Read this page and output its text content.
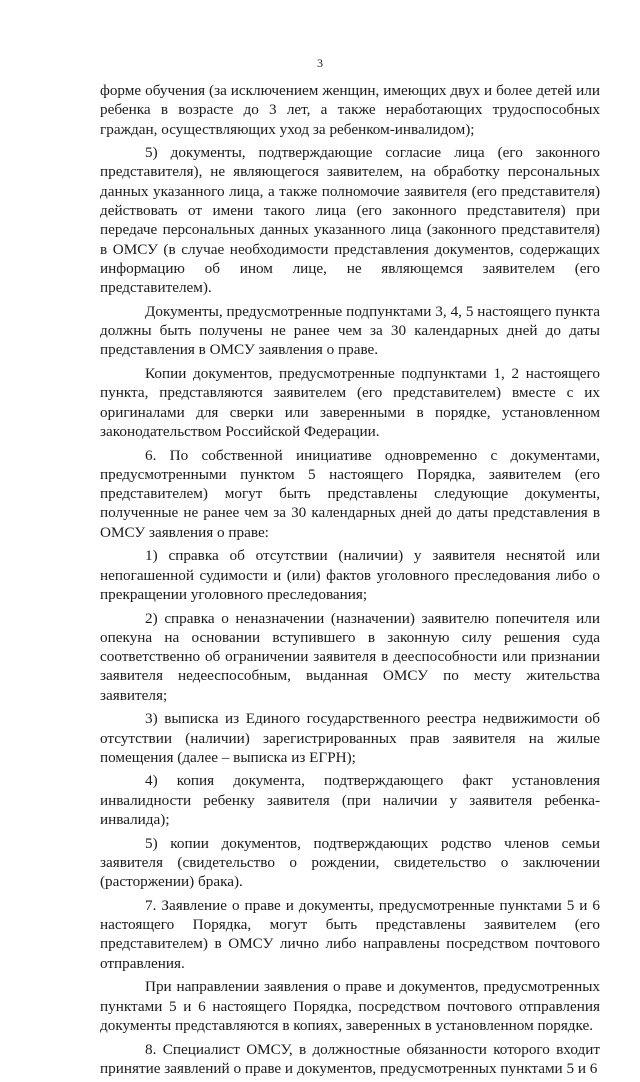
3

форме обучения (за исключением женщин, имеющих двух и более детей или ребенка в возрасте до 3 лет, а также неработающих трудоспособных граждан, осуществляющих уход за ребенком-инвалидом);

5) документы, подтверждающие согласие лица (его законного представителя), не являющегося заявителем, на обработку персональных данных указанного лица, а также полномочие заявителя (его представителя) действовать от имени такого лица (его законного представителя) при передаче персональных данных указанного лица (законного представителя) в ОМСУ (в случае необходимости представления документов, содержащих информацию об ином лице, не являющемся заявителем (его представителем).

Документы, предусмотренные подпунктами 3, 4, 5 настоящего пункта должны быть получены не ранее чем за 30 календарных дней до даты представления в ОМСУ заявления о праве.

Копии документов, предусмотренные подпунктами 1, 2 настоящего пункта, представляются заявителем (его представителем) вместе с их оригиналами для сверки или заверенными в порядке, установленном законодательством Российской Федерации.

6. По собственной инициативе одновременно с документами, предусмотренными пунктом 5 настоящего Порядка, заявителем (его представителем) могут быть представлены следующие документы, полученные не ранее чем за 30 календарных дней до даты представления в ОМСУ заявления о праве:

1) справка об отсутствии (наличии) у заявителя неснятой или непогашенной судимости и (или) фактов уголовного преследования либо о прекращении уголовного преследования;

2) справка о неназначении (назначении) заявителю попечителя или опекуна на основании вступившего в законную силу решения суда соответственно об ограничении заявителя в дееспособности или признании заявителя недееспособным, выданная ОМСУ по месту жительства заявителя;

3) выписка из Единого государственного реестра недвижимости об отсутствии (наличии) зарегистрированных прав заявителя на жилые помещения (далее – выписка из ЕГРН);

4) копия документа, подтверждающего факт установления инвалидности ребенку заявителя (при наличии у заявителя ребенка-инвалида);

5) копии документов, подтверждающих родство членов семьи заявителя (свидетельство о рождении, свидетельство о заключении (расторжении) брака).

7. Заявление о праве и документы, предусмотренные пунктами 5 и 6 настоящего Порядка, могут быть представлены заявителем (его представителем) в ОМСУ лично либо направлены посредством почтового отправления.

При направлении заявления о праве и документов, предусмотренных пунктами 5 и 6 настоящего Порядка, посредством почтового отправления документы представляются в копиях, заверенных в установленном порядке.

8. Специалист ОМСУ, в должностные обязанности которого входит принятие заявлений о праве и документов, предусмотренных пунктами 5 и 6
